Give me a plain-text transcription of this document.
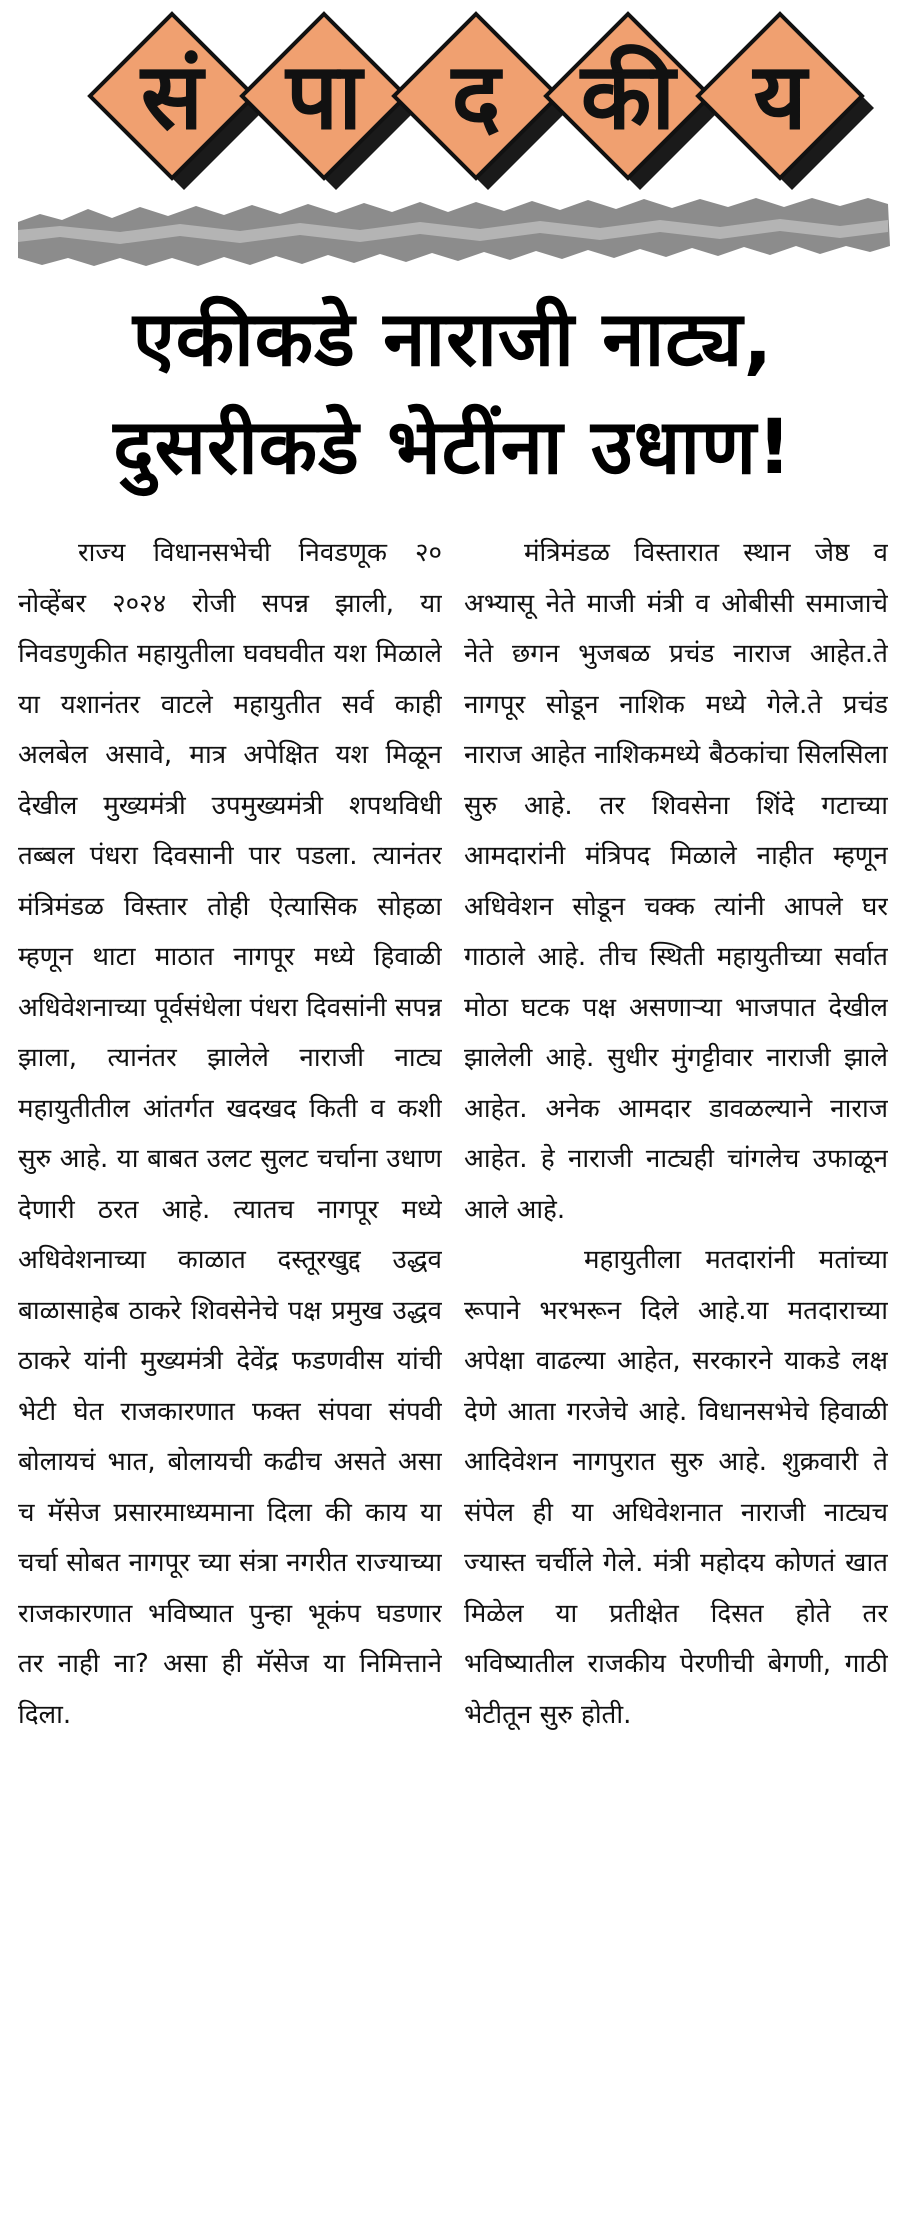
सं पा द की य
एकीकडे नाराजी नाट्य,
दुसरीकडे भेटींना उधाण!

राज्य विधानसभेची निवडणूक २० नोव्हेंबर २०२४ रोजी सपन्न झाली, या निवडणुकीत महायुतीला घवघवीत यश मिळाले या यशानंतर वाटले महायुतीत सर्व काही अलबेल असावे, मात्र अपेक्षित यश मिळून देखील मुख्यमंत्री उपमुख्यमंत्री शपथविधी तब्बल पंधरा दिवसानी पार पडला. त्यानंतर मंत्रिमंडळ विस्तार तोही ऐत्यासिक सोहळा म्हणून थाटा माठात नागपूर मध्ये हिवाळी अधिवेशनाच्या पूर्वसंधेला पंधरा दिवसांनी सपन्न झाला, त्यानंतर झालेले नाराजी नाट्य महायुतीतील आंतर्गत खदखद किती व कशी सुरु आहे. या बाबत उलट सुलट चर्चाना उधाण देणारी ठरत आहे. त्यातच नागपूर मध्ये अधिवेशनाच्या काळात दस्तूरखुद्द उद्धव बाळासाहेब ठाकरे शिवसेनेचे पक्ष प्रमुख उद्धव ठाकरे यांनी मुख्यमंत्री देवेंद्र फडणवीस यांची भेटी घेत राजकारणात फक्त संपवा संपवी बोलायचं भात, बोलायची कढीच असते असा च मॅसेज प्रसारमाध्यमाना दिला की काय या चर्चा सोबत नागपूर च्या संत्रा नगरीत राज्याच्या राजकारणात भविष्यात पुन्हा भूकंप घडणार तर नाही ना? असा ही मॅसेज या निमित्ताने दिला.

मंत्रिमंडळ विस्तारात स्थान जेष्ठ व अभ्यासू नेते माजी मंत्री व ओबीसी समाजाचे नेते छगन भुजबळ प्रचंड नाराज आहेत.ते नागपूर सोडून नाशिक मध्ये गेले.ते प्रचंड नाराज आहेत नाशिकमध्ये बैठकांचा सिलसिला सुरु आहे. तर शिवसेना शिंदे गटाच्या आमदारांनी मंत्रिपद मिळाले नाहीत म्हणून अधिवेशन सोडून चक्क त्यांनी आपले घर गाठाले आहे. तीच स्थिती महायुतीच्या सर्वात मोठा घटक पक्ष असणाऱ्या भाजपात देखील झालेली आहे. सुधीर मुंगट्टीवार नाराजी झाले आहेत. अनेक आमदार डावळल्याने नाराज आहेत. हे नाराजी नाट्यही चांगलेच उफाळून आले आहे.

महायुतीला मतदारांनी मतांच्या रूपाने भरभरून दिले आहे.या मतदाराच्या अपेक्षा वाढल्या आहेत, सरकारने याकडे लक्ष देणे आता गरजेचे आहे. विधानसभेचे हिवाळी आदिवेशन नागपुरात सुरु आहे. शुक्रवारी ते संपेल ही या अधिवेशनात नाराजी नाट्यच ज्यास्त चर्चीले गेले. मंत्री महोदय कोणतं खात मिळेल या प्रतीक्षेत दिसत होते तर भविष्यातील राजकीय पेरणीची बेगणी, गाठी भेटीतून सुरु होती.
